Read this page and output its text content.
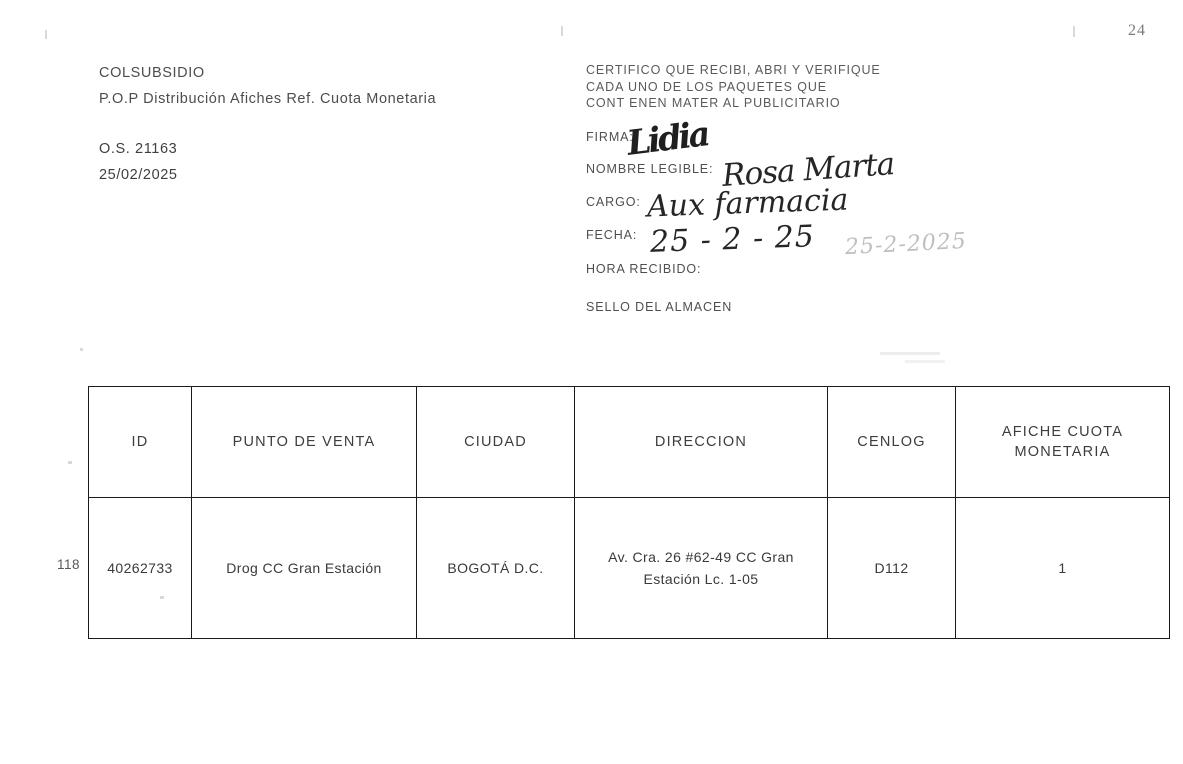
24
COLSUBSIDIO
P.O.P Distribución Afiches Ref. Cuota Monetaria
O.S. 21163
25/02/2025
CERTIFICO QUE RECIBI, ABRI Y VERIFIQUE
CADA UNO DE LOS PAQUETES QUE
CONT ENEN MATER AL PUBLICITARIO
FIRMA:
NOMBRE LEGIBLE:
CARGO:
FECHA:
HORA RECIBIDO:
SELLO DEL ALMACEN
Lidia
Rosa Marta
Aux farmacia
25 - 2 - 25 25-2-2025
118
ID	PUNTO DE VENTA	CIUDAD	DIRECCION	CENLOG	AFICHE CUOTA MONETARIA
40262733	Drog CC Gran Estación	BOGOTÁ D.C.	Av. Cra. 26 #62-49 CC Gran Estación Lc. 1-05	D112	1
